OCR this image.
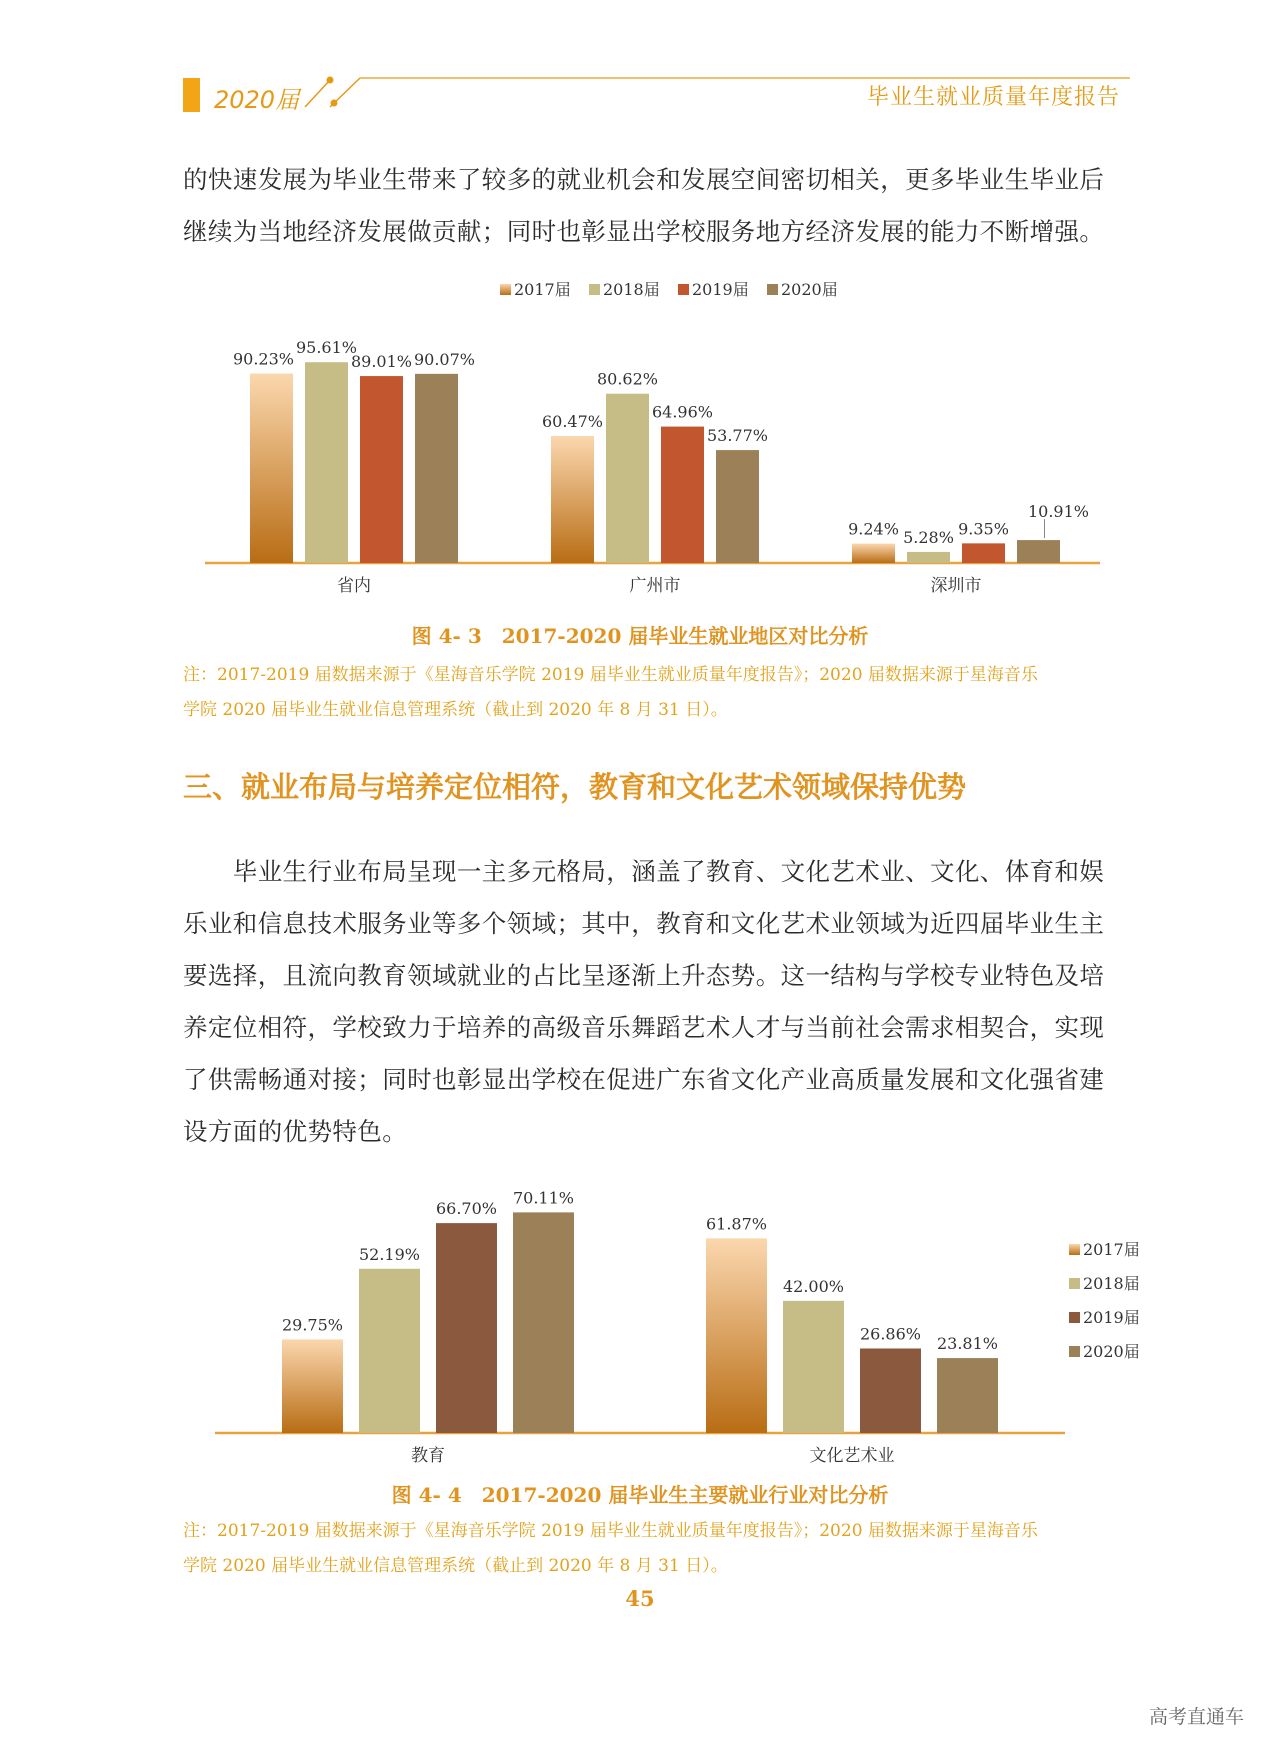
2020届	毕业生就业质量年度报告
的快速发展为毕业生带来了较多的就业机会和发展空间密切相关，更多毕业生毕业后
继续为当地经济发展做贡献；同时也彰显出学校服务地方经济发展的能力不断增强。
90.23%
95.61%
89.01% 90.07%
省内
60.47%
80.62%
64.96%
53.77%
广州市
9.24% 5.28% 9.35%
10.91%
深圳市
2017届 2018届 2019届 2020届
图 4- 3　2017-2020 届毕业生就业地区对比分析
注：2017-2019 届数据来源于《星海音乐学院 2019 届毕业生就业质量年度报告》；2020 届数据来源于星海音乐
学院 2020 届毕业生就业信息管理系统（截止到 2020 年 8 月 31 日）。
三、就业布局与培养定位相符，教育和文化艺术领域保持优势
　　毕业生行业布局呈现一主多元格局，涵盖了教育、文化艺术业、文化、体育和娱
乐业和信息技术服务业等多个领域；其中，教育和文化艺术业领域为近四届毕业生主
要选择，且流向教育领域就业的占比呈逐渐上升态势。这一结构与学校专业特色及培
养定位相符，学校致力于培养的高级音乐舞蹈艺术人才与当前社会需求相契合，实现
了供需畅通对接；同时也彰显出学校在促进广东省文化产业高质量发展和文化强省建
设方面的优势特色。
29.75%
52.19%
66.70%
70.11%
教育
61.87%
42.00%
26.86%
23.81%
文化艺术业
2017届
2018届
2019届
2020届
图 4- 4　2017-2020 届毕业生主要就业行业对比分析
注：2017-2019 届数据来源于《星海音乐学院 2019 届毕业生就业质量年度报告》；2020 届数据来源于星海音乐
学院 2020 届毕业生就业信息管理系统（截止到 2020 年 8 月 31 日）。
45
高考直通车
